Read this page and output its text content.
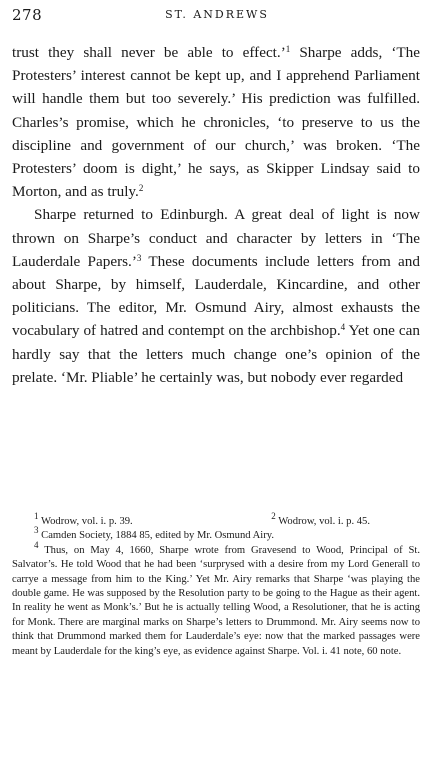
278	ST. ANDREWS

trust they shall never be able to effect.’$^1$ Sharpe adds, ‘The Protesters’ interest cannot be kept up, and I apprehend Parliament will handle them but too severely.’ His prediction was fulfilled. Charles’s promise, which he chronicles, ‘to preserve to us the discipline and government of our church,’ was broken. ‘The Protesters’ doom is dight,’ he says, as Skipper Lindsay said to Morton, and as truly.$^2$

Sharpe returned to Edinburgh. A great deal of light is now thrown on Sharpe’s conduct and character by letters in ‘The Lauderdale Papers.’$^3$ These documents include letters from and about Sharpe, by himself, Lauderdale, Kincardine, and other politicians. The editor, Mr. Osmund Airy, almost exhausts the vocabulary of hatred and contempt on the archbishop.$^4$ Yet one can hardly say that the letters much change one’s opinion of the prelate. ‘Mr. Pliable’ he certainly was, but nobody ever regarded

$^1$ Wodrow, vol. i. p. 39.	$^2$ Wodrow, vol. i. p. 45.

$^3$ Camden Society, 1884 85, edited by Mr. Osmund Airy.

$^4$ Thus, on May 4, 1660, Sharpe wrote from Gravesend to Wood, Principal of St. Salvator’s. He told Wood that he had been ‘surprysed with a desire from my Lord Generall to carrye a message from him to the King.’ Yet Mr. Airy remarks that Sharpe ‘was playing the double game. He was supposed by the Resolution party to be going to the Hague as their agent. In reality he went as Monk’s.’ But he is actually telling Wood, a Resolutioner, that he is acting for Monk. There are marginal marks on Sharpe’s letters to Drummond. Mr. Airy seems now to think that Drummond marked them for Lauderdale’s eye: now that the marked passages were meant by Lauderdale for the king’s eye, as evidence against Sharpe. Vol. i. 41 note, 60 note.
